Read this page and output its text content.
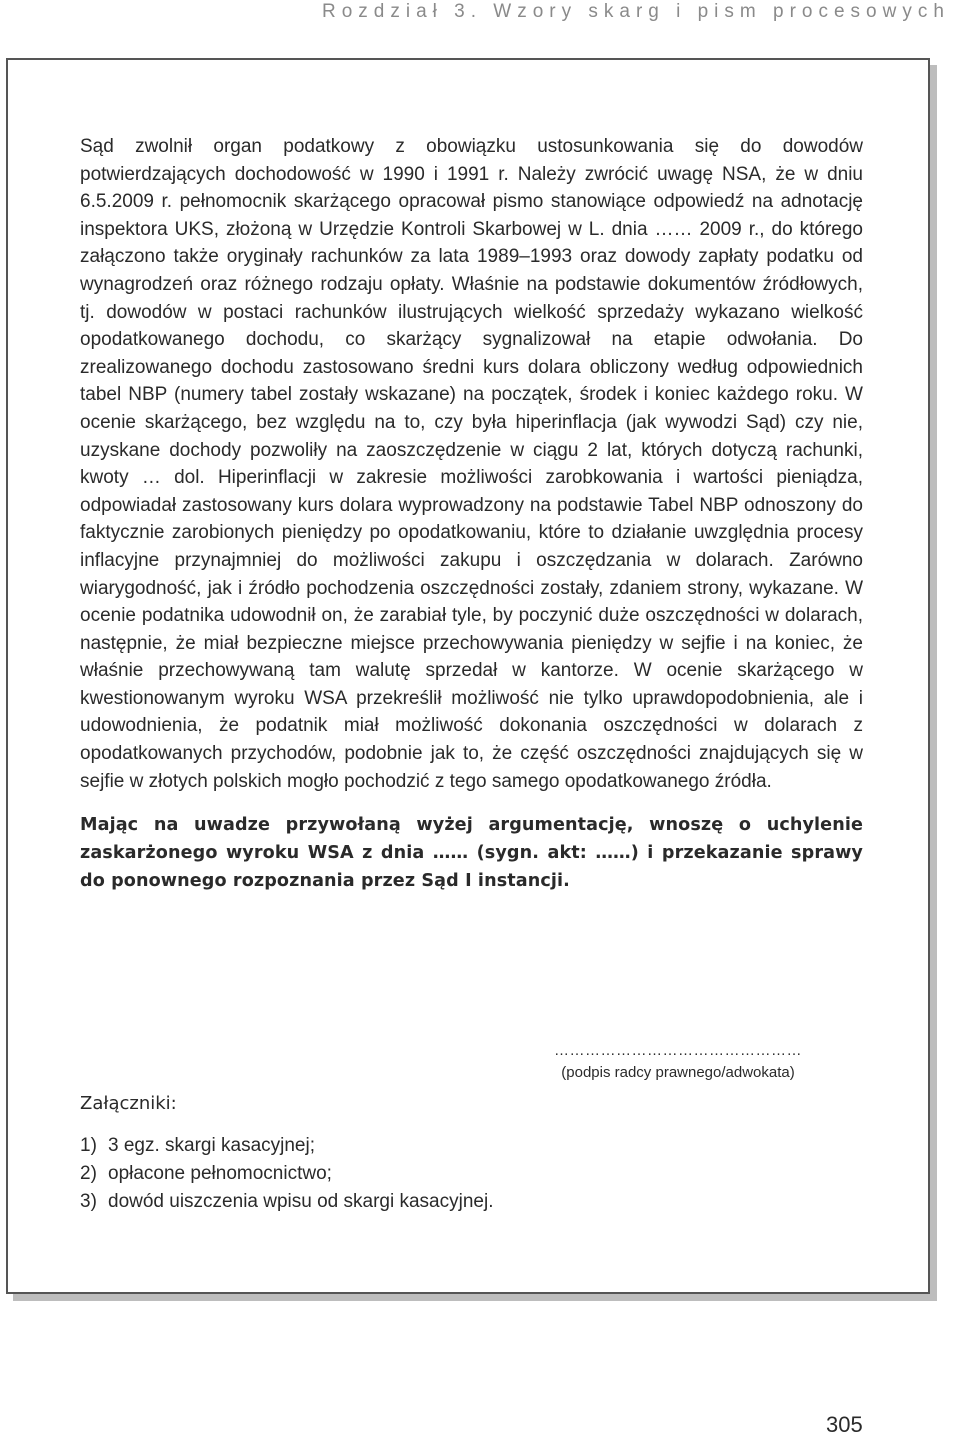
Rozdział 3. Wzory skarg i pism procesowych

Sąd zwolnił organ podatkowy z obowiązku ustosunkowania się do dowodów potwierdzających dochodowość w 1990 i 1991 r. Należy zwrócić uwagę NSA, że w dniu 6.5.2009 r. pełnomocnik skarżącego opracował pismo stanowiące odpowiedź na adnotację inspektora UKS, złożoną w Urzędzie Kontroli Skarbowej w L. dnia …… 2009 r., do którego załączono także oryginały rachunków za lata 1989–1993 oraz dowody zapłaty podatku od wynagrodzeń oraz różnego rodzaju opłaty. Właśnie na podstawie dokumentów źródłowych, tj. dowodów w postaci rachunków ilustrujących wielkość sprzedaży wykazano wielkość opodatkowanego dochodu, co skarżący sygnalizował na etapie odwołania. Do zrealizowanego dochodu zastosowano średni kurs dolara obliczony według odpowiednich tabel NBP (numery tabel zostały wskazane) na początek, środek i koniec każdego roku. W ocenie skarżącego, bez względu na to, czy była hiperinflacja (jak wywodzi Sąd) czy nie, uzyskane dochody pozwoliły na zaoszczędzenie w ciągu 2 lat, których dotyczą rachunki, kwoty … dol. Hiperinflacji w zakresie możliwości zarobkowania i wartości pieniądza, odpowiadał zastosowany kurs dolara wyprowadzony na podstawie Tabel NBP odnoszony do faktycznie zarobionych pieniędzy po opodatkowaniu, które to działanie uwzględnia procesy inflacyjne przynajmniej do możliwości zakupu i oszczędzania w dolarach. Zarówno wiarygodność, jak i źródło pochodzenia oszczędności zostały, zdaniem strony, wykazane. W ocenie podatnika udowodnił on, że zarabiał tyle, by poczynić duże oszczędności w dolarach, następnie, że miał bezpieczne miejsce przechowywania pieniędzy w sejfie i na koniec, że właśnie przechowywaną tam walutę sprzedał w kantorze. W ocenie skarżącego w kwestionowanym wyroku WSA przekreślił możliwość nie tylko uprawdopodobnienia, ale i udowodnienia, że podatnik miał możliwość dokonania oszczędności w dolarach z opodatkowanych przychodów, podobnie jak to, że część oszczędności znajdujących się w sejfie w złotych polskich mogło pochodzić z tego samego opodatkowanego źródła.

Mając na uwadze przywołaną wyżej argumentację, wnoszę o uchylenie zaskarżonego wyroku WSA z dnia …… (sygn. akt: ……) i przekazanie sprawy do ponownego rozpoznania przez Sąd I instancji.

…………………………………………
(podpis radcy prawnego/adwokata)

Załączniki:

1) 3 egz. skargi kasacyjnej;
2) opłacone pełnomocnictwo;
3) dowód uiszczenia wpisu od skargi kasacyjnej.
305
